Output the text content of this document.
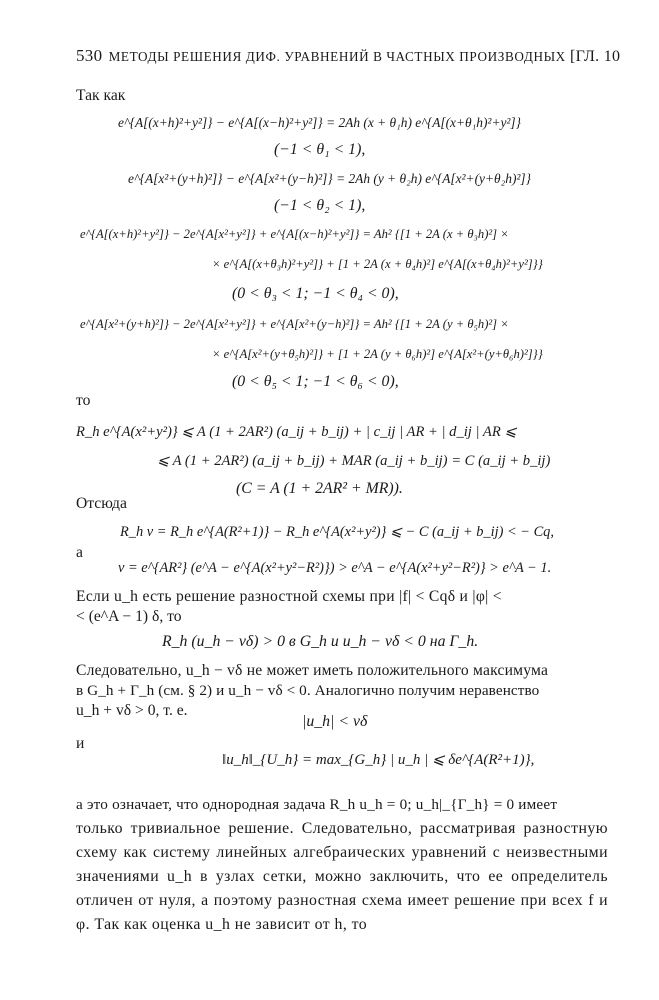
530 МЕТОДЫ РЕШЕНИЯ ДИФ. УРАВНЕНИЙ В ЧАСТНЫХ ПРОИЗВОДНЫХ [ГЛ. 10
Так как
e^{A[(x+h)²+y²]} − e^{A[(x−h)²+y²]} = 2Ah (x + θ₁h) e^{A[(x+θ₁h)²+y²]}
(−1 < θ₁ < 1),
e^{A[x²+(y+h)²]} − e^{A[x²+(y−h)²]} = 2Ah (y + θ₂h) e^{A[x²+(y+θ₂h)²]}
(−1 < θ₂ < 1),
e^{A[(x+h)²+y²]} − 2e^{A[x²+y²]} + e^{A[(x−h)²+y²]} = Ah² {[1 + 2A (x + θ₃h)²] ×
× e^{A[(x+θ₃h)²+y²]} + [1 + 2A (x + θ₄h)²] e^{A[(x+θ₄h)²+y²]}}
(0 < θ₃ < 1; −1 < θ₄ < 0),
e^{A[x²+(y+h)²]} − 2e^{A[x²+y²]} + e^{A[x²+(y−h)²]} = Ah² {[1 + 2A (y + θ₅h)²] ×
× e^{A[x²+(y+θ₅h)²]} + [1 + 2A (y + θ₆h)²] e^{A[x²+(y+θ₆h)²]}}
(0 < θ₅ < 1; −1 < θ₆ < 0),
то
R_h e^{A(x²+y²)} ⩽ A (1 + 2AR²) (a_ij + b_ij) + | c_ij | AR + | d_ij | AR ⩽
⩽ A (1 + 2AR²) (a_ij + b_ij) + MAR (a_ij + b_ij) = C (a_ij + b_ij)
(C = A (1 + 2AR² + MR)).
Отсюда
R_h v = R_h e^{A(R²+1)} − R_h e^{A(x²+y²)} ⩽ − C (a_ij + b_ij) < − Cq,
а
v = e^{AR²} (e^A − e^{A(x²+y²−R²)}) > e^A − e^{A(x²+y²−R²)} > e^A − 1.
Если u_h есть решение разностной схемы при |f| < Cqδ и |φ| <
< (e^A − 1) δ, то
R_h (u_h − vδ) > 0 в G_h и u_h − vδ < 0 на Γ_h.
Следовательно, u_h − vδ не может иметь положительного максимума
в G_h + Γ_h (см. § 2) и u_h − vδ < 0. Аналогично получим неравенство
u_h + vδ > 0, т. е.
|u_h| < vδ
и
‖u_h‖_{U_h} = max_{G_h} | u_h | ⩽ δe^{A(R²+1)},
а это означает, что однородная задача R_h u_h = 0; u_h|_{Γ_h} = 0 имеет

только тривиальное решение. Следовательно, рассматривая разностную схему как систему линейных алгебраических уравнений с неизвестными значениями u_h в узлах сетки, можно заключить, что ее определитель отличен от нуля, а поэтому разностная схема имеет решение при всех f и φ. Так как оценка u_h не зависит от h, то
